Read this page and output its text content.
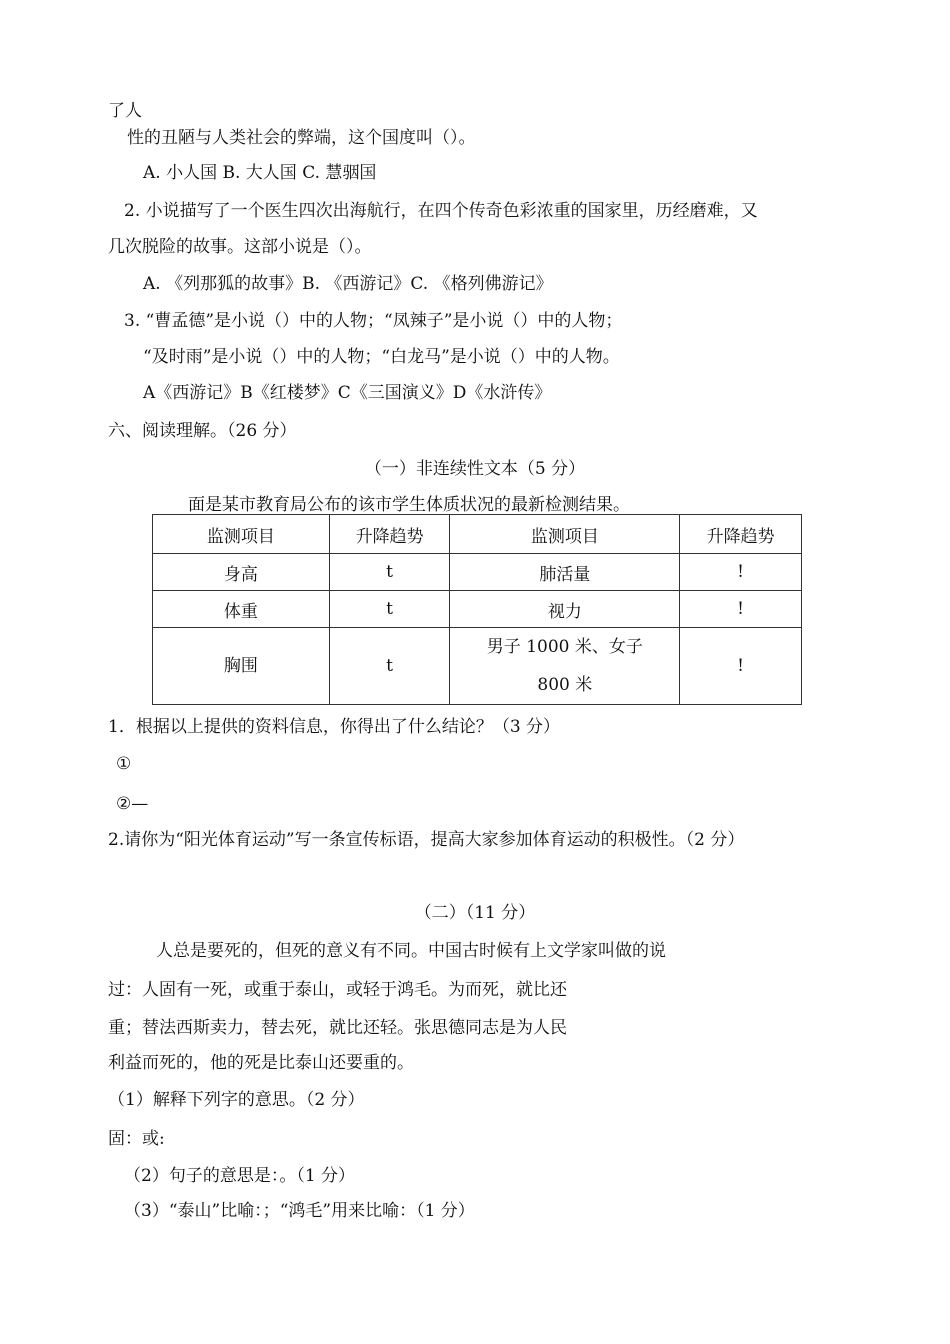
了人
性的丑陋与人类社会的弊端，这个国度叫（）。
A. 小人国 B. 大人国 C. 慧骃国
2. 小说描写了一个医生四次出海航行，在四个传奇色彩浓重的国家里，历经磨难，又
几次脱险的故事。这部小说是（）。
A. 《列那狐的故事》B. 《西游记》C. 《格列佛游记》
3. “曹孟德”是小说（）中的人物；“凤辣子”是小说（）中的人物；
“及时雨”是小说（）中的人物；“白龙马”是小说（）中的人物。
A《西游记》B《红楼梦》C《三国演义》D《水浒传》
六、阅读理解。（26 分）
（一）非连续性文本（5 分）
面是某市教育局公布的该市学生体质状况的最新检测结果。
监测项目	升降趋势	监测项目	升降趋势
身高	t	肺活量	!
体重	t	视力	!
胸围	t	男子 1000 米、女子 800 米	!
1．根据以上提供的资料信息，你得出了什么结论？（3 分）
①
②—
2.请你为“阳光体育运动”写一条宣传标语，提高大家参加体育运动的积极性。（2 分）
（二）（11 分）
人总是要死的，但死的意义有不同。中国古时候有上文学家叫做的说
过：人固有一死，或重于泰山，或轻于鸿毛。为而死，就比还
重；替法西斯卖力，替去死，就比还轻。张思德同志是为人民
利益而死的，他的死是比泰山还要重的。
（1）解释下列字的意思。（2 分）
固：或:
（2）句子的意思是：。（1 分）
（3）“泰山”比喻：；“鸿毛”用来比喻：（1 分）
